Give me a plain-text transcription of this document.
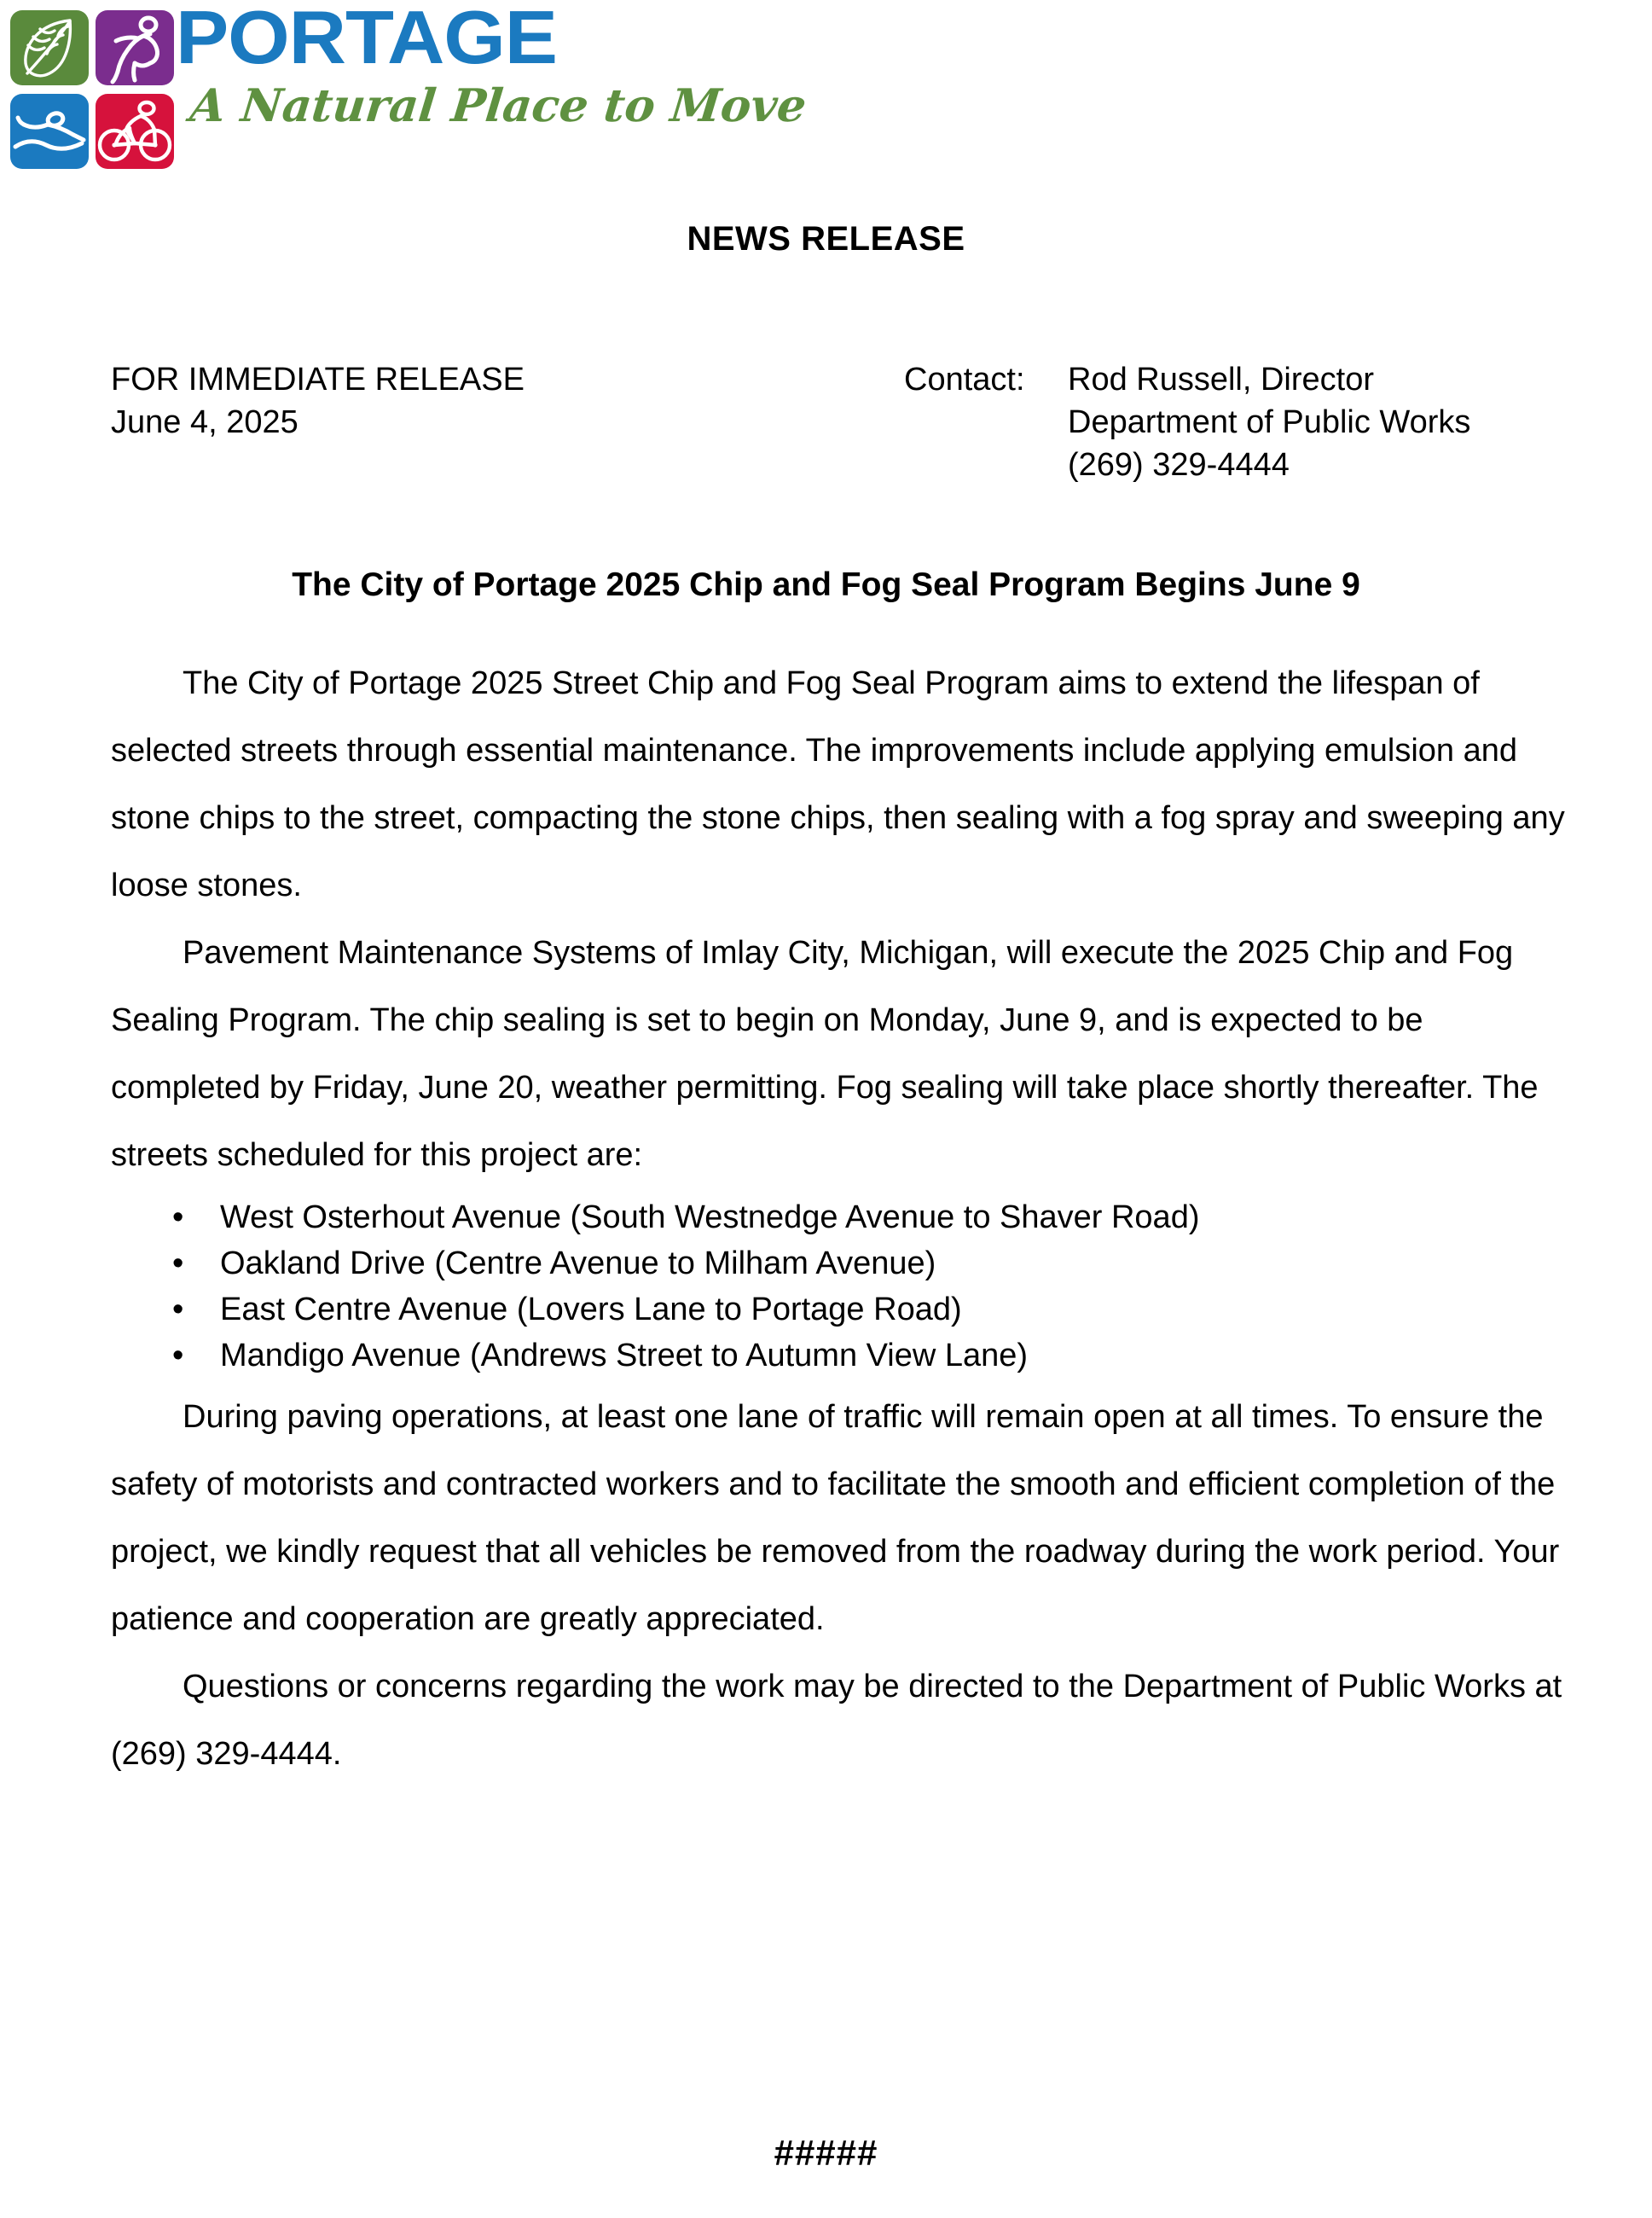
PORTAGE
A Natural Place to Move
NEWS RELEASE
FOR IMMEDIATE RELEASE
June 4, 2025
Contact: Rod Russell, Director
Department of Public Works
(269) 329-4444
The City of Portage 2025 Chip and Fog Seal Program Begins June 9

The City of Portage 2025 Street Chip and Fog Seal Program aims to extend the lifespan of selected streets through essential maintenance. The improvements include applying emulsion and stone chips to the street, compacting the stone chips, then sealing with a fog spray and sweeping any loose stones.

Pavement Maintenance Systems of Imlay City, Michigan, will execute the 2025 Chip and Fog Sealing Program. The chip sealing is set to begin on Monday, June 9, and is expected to be completed by Friday, June 20, weather permitting. Fog sealing will take place shortly thereafter. The streets scheduled for this project are:

• West Osterhout Avenue (South Westnedge Avenue to Shaver Road)
• Oakland Drive (Centre Avenue to Milham Avenue)
• East Centre Avenue (Lovers Lane to Portage Road)
• Mandigo Avenue (Andrews Street to Autumn View Lane)

During paving operations, at least one lane of traffic will remain open at all times. To ensure the safety of motorists and contracted workers and to facilitate the smooth and efficient completion of the project, we kindly request that all vehicles be removed from the roadway during the work period. Your patience and cooperation are greatly appreciated.

Questions or concerns regarding the work may be directed to the Department of Public Works at (269) 329-4444.

#####
